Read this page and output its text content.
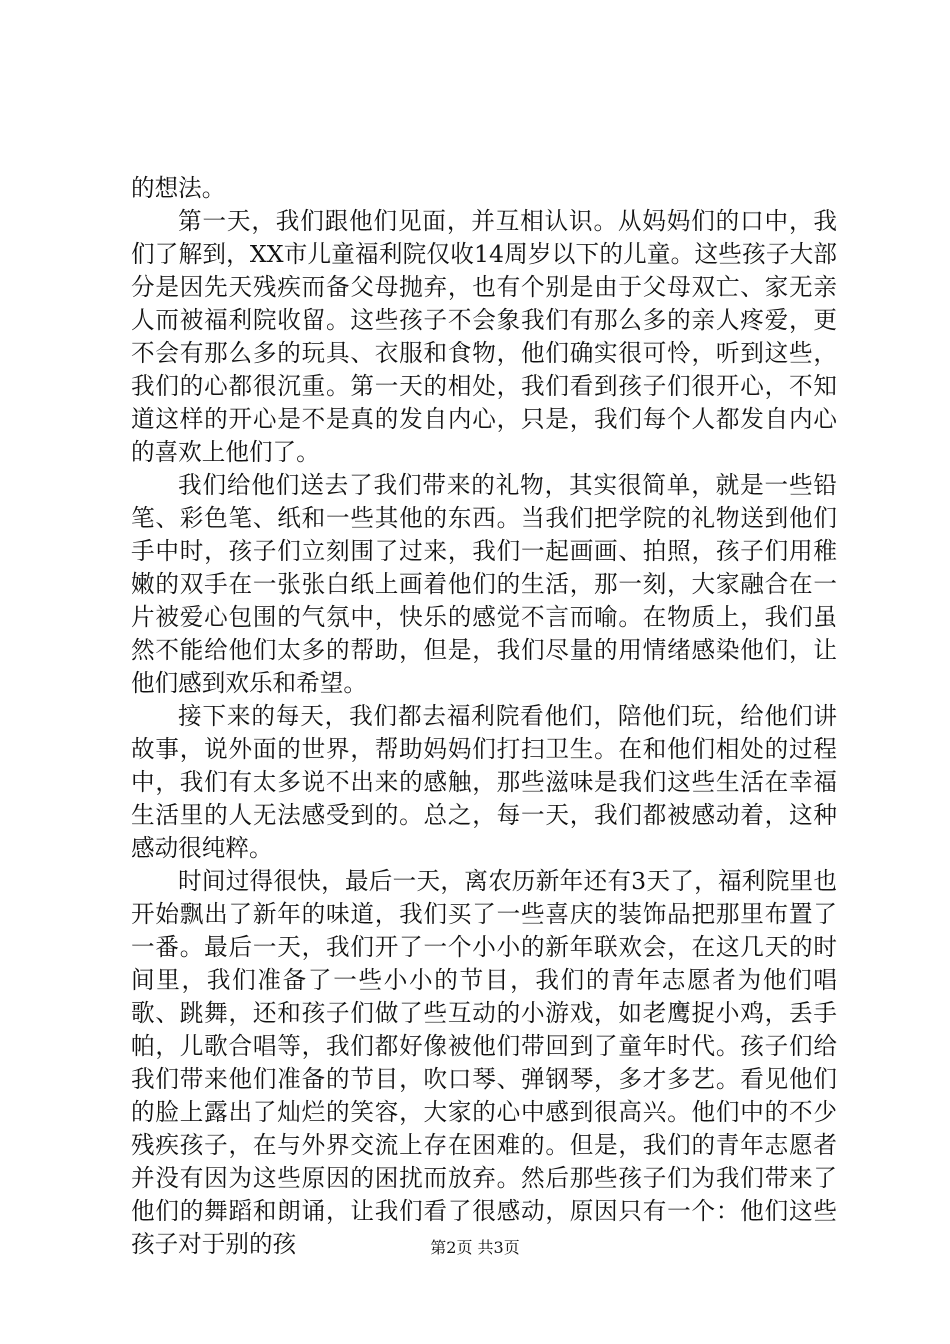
的想法。

第一天，我们跟他们见面，并互相认识。从妈妈们的口中，我们了解到，XX市儿童福利院仅收14周岁以下的儿童。这些孩子大部分是因先天残疾而备父母抛弃，也有个别是由于父母双亡、家无亲人而被福利院收留。这些孩子不会象我们有那么多的亲人疼爱，更不会有那么多的玩具、衣服和食物，他们确实很可怜，听到这些，我们的心都很沉重。第一天的相处，我们看到孩子们很开心，不知道这样的开心是不是真的发自内心，只是，我们每个人都发自内心的喜欢上他们了。

我们给他们送去了我们带来的礼物，其实很简单，就是一些铅笔、彩色笔、纸和一些其他的东西。当我们把学院的礼物送到他们手中时，孩子们立刻围了过来，我们一起画画、拍照，孩子们用稚嫩的双手在一张张白纸上画着他们的生活，那一刻，大家融合在一片被爱心包围的气氛中，快乐的感觉不言而喻。在物质上，我们虽然不能给他们太多的帮助，但是，我们尽量的用情绪感染他们，让他们感到欢乐和希望。

接下来的每天，我们都去福利院看他们，陪他们玩，给他们讲故事，说外面的世界，帮助妈妈们打扫卫生。在和他们相处的过程中，我们有太多说不出来的感触，那些滋味是我们这些生活在幸福生活里的人无法感受到的。总之，每一天，我们都被感动着，这种感动很纯粹。

时间过得很快，最后一天，离农历新年还有3天了，福利院里也开始飘出了新年的味道，我们买了一些喜庆的装饰品把那里布置了一番。最后一天，我们开了一个小小的新年联欢会，在这几天的时间里，我们准备了一些小小的节目，我们的青年志愿者为他们唱歌、跳舞，还和孩子们做了些互动的小游戏，如老鹰捉小鸡，丢手帕，儿歌合唱等，我们都好像被他们带回到了童年时代。孩子们给我们带来他们准备的节目，吹口琴、弹钢琴，多才多艺。看见他们的脸上露出了灿烂的笑容，大家的心中感到很高兴。他们中的不少残疾孩子，在与外界交流上存在困难的。但是，我们的青年志愿者并没有因为这些原因的困扰而放弃。然后那些孩子们为我们带来了他们的舞蹈和朗诵，让我们看了很感动，原因只有一个：他们这些孩子对于别的孩	第2页 共3页
